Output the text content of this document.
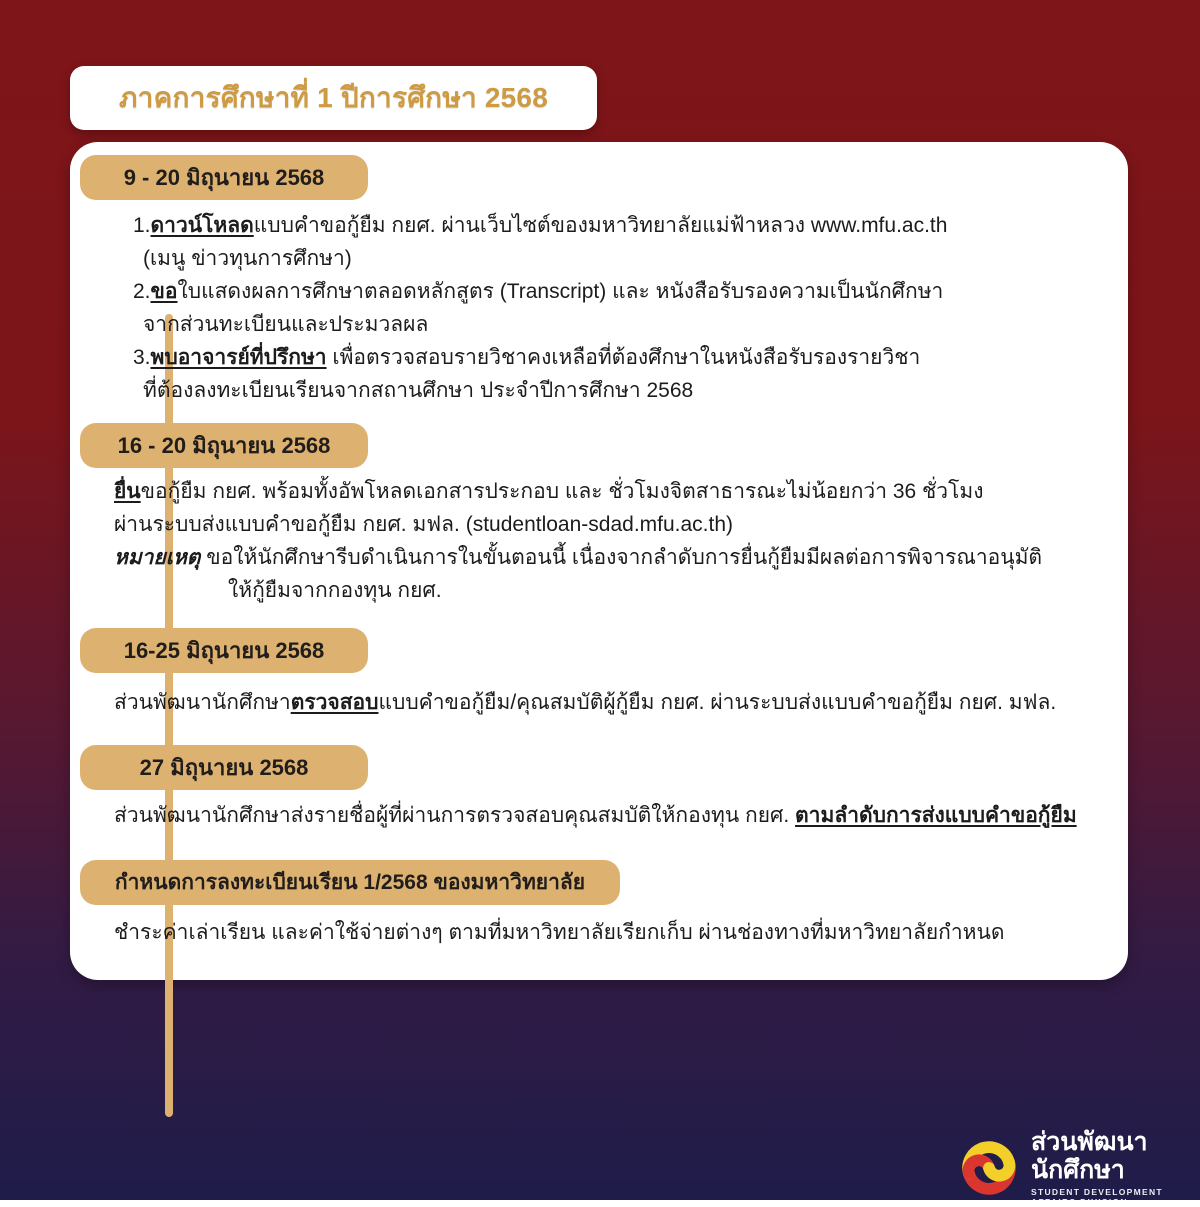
ภาคการศึกษาที่ 1 ปีการศึกษา 2568
9 - 20 มิถุนายน 2568
1.ดาวน์โหลดแบบคำขอกู้ยืม กยศ. ผ่านเว็บไซต์ของมหาวิทยาลัยแม่ฟ้าหลวง www.mfu.ac.th
(เมนู ข่าวทุนการศึกษา)
2.ขอใบแสดงผลการศึกษาตลอดหลักสูตร (Transcript) และ หนังสือรับรองความเป็นนักศึกษา
จากส่วนทะเบียนและประมวลผล
3.พบอาจารย์ที่ปรึกษา เพื่อตรวจสอบรายวิชาคงเหลือที่ต้องศึกษาในหนังสือรับรองรายวิชา
ที่ต้องลงทะเบียนเรียนจากสถานศึกษา ประจำปีการศึกษา 2568
16 - 20 มิถุนายน 2568
ยื่นขอกู้ยืม กยศ. พร้อมทั้งอัพโหลดเอกสารประกอบ และ ชั่วโมงจิตสาธารณะไม่น้อยกว่า 36 ชั่วโมง
ผ่านระบบส่งแบบคำขอกู้ยืม กยศ. มฟล. (studentloan-sdad.mfu.ac.th)
หมายเหตุ ขอให้นักศึกษารีบดำเนินการในขั้นตอนนี้ เนื่องจากลำดับการยื่นกู้ยืมมีผลต่อการพิจารณาอนุมัติ
ให้กู้ยืมจากกองทุน กยศ.
16-25 มิถุนายน 2568
ส่วนพัฒนานักศึกษาตรวจสอบแบบคำขอกู้ยืม/คุณสมบัติผู้กู้ยืม กยศ. ผ่านระบบส่งแบบคำขอกู้ยืม กยศ. มฟล.
27 มิถุนายน 2568
ส่วนพัฒนานักศึกษาส่งรายชื่อผู้ที่ผ่านการตรวจสอบคุณสมบัติให้กองทุน กยศ. ตามลำดับการส่งแบบคำขอกู้ยืม
กำหนดการลงทะเบียนเรียน 1/2568 ของมหาวิทยาลัย
ชำระค่าเล่าเรียน และค่าใช้จ่ายต่างๆ ตามที่มหาวิทยาลัยเรียกเก็บ ผ่านช่องทางที่มหาวิทยาลัยกำหนด
ส่วนพัฒนานักศึกษา
STUDENT DEVELOPMENT AFFAIRS DIVISION
